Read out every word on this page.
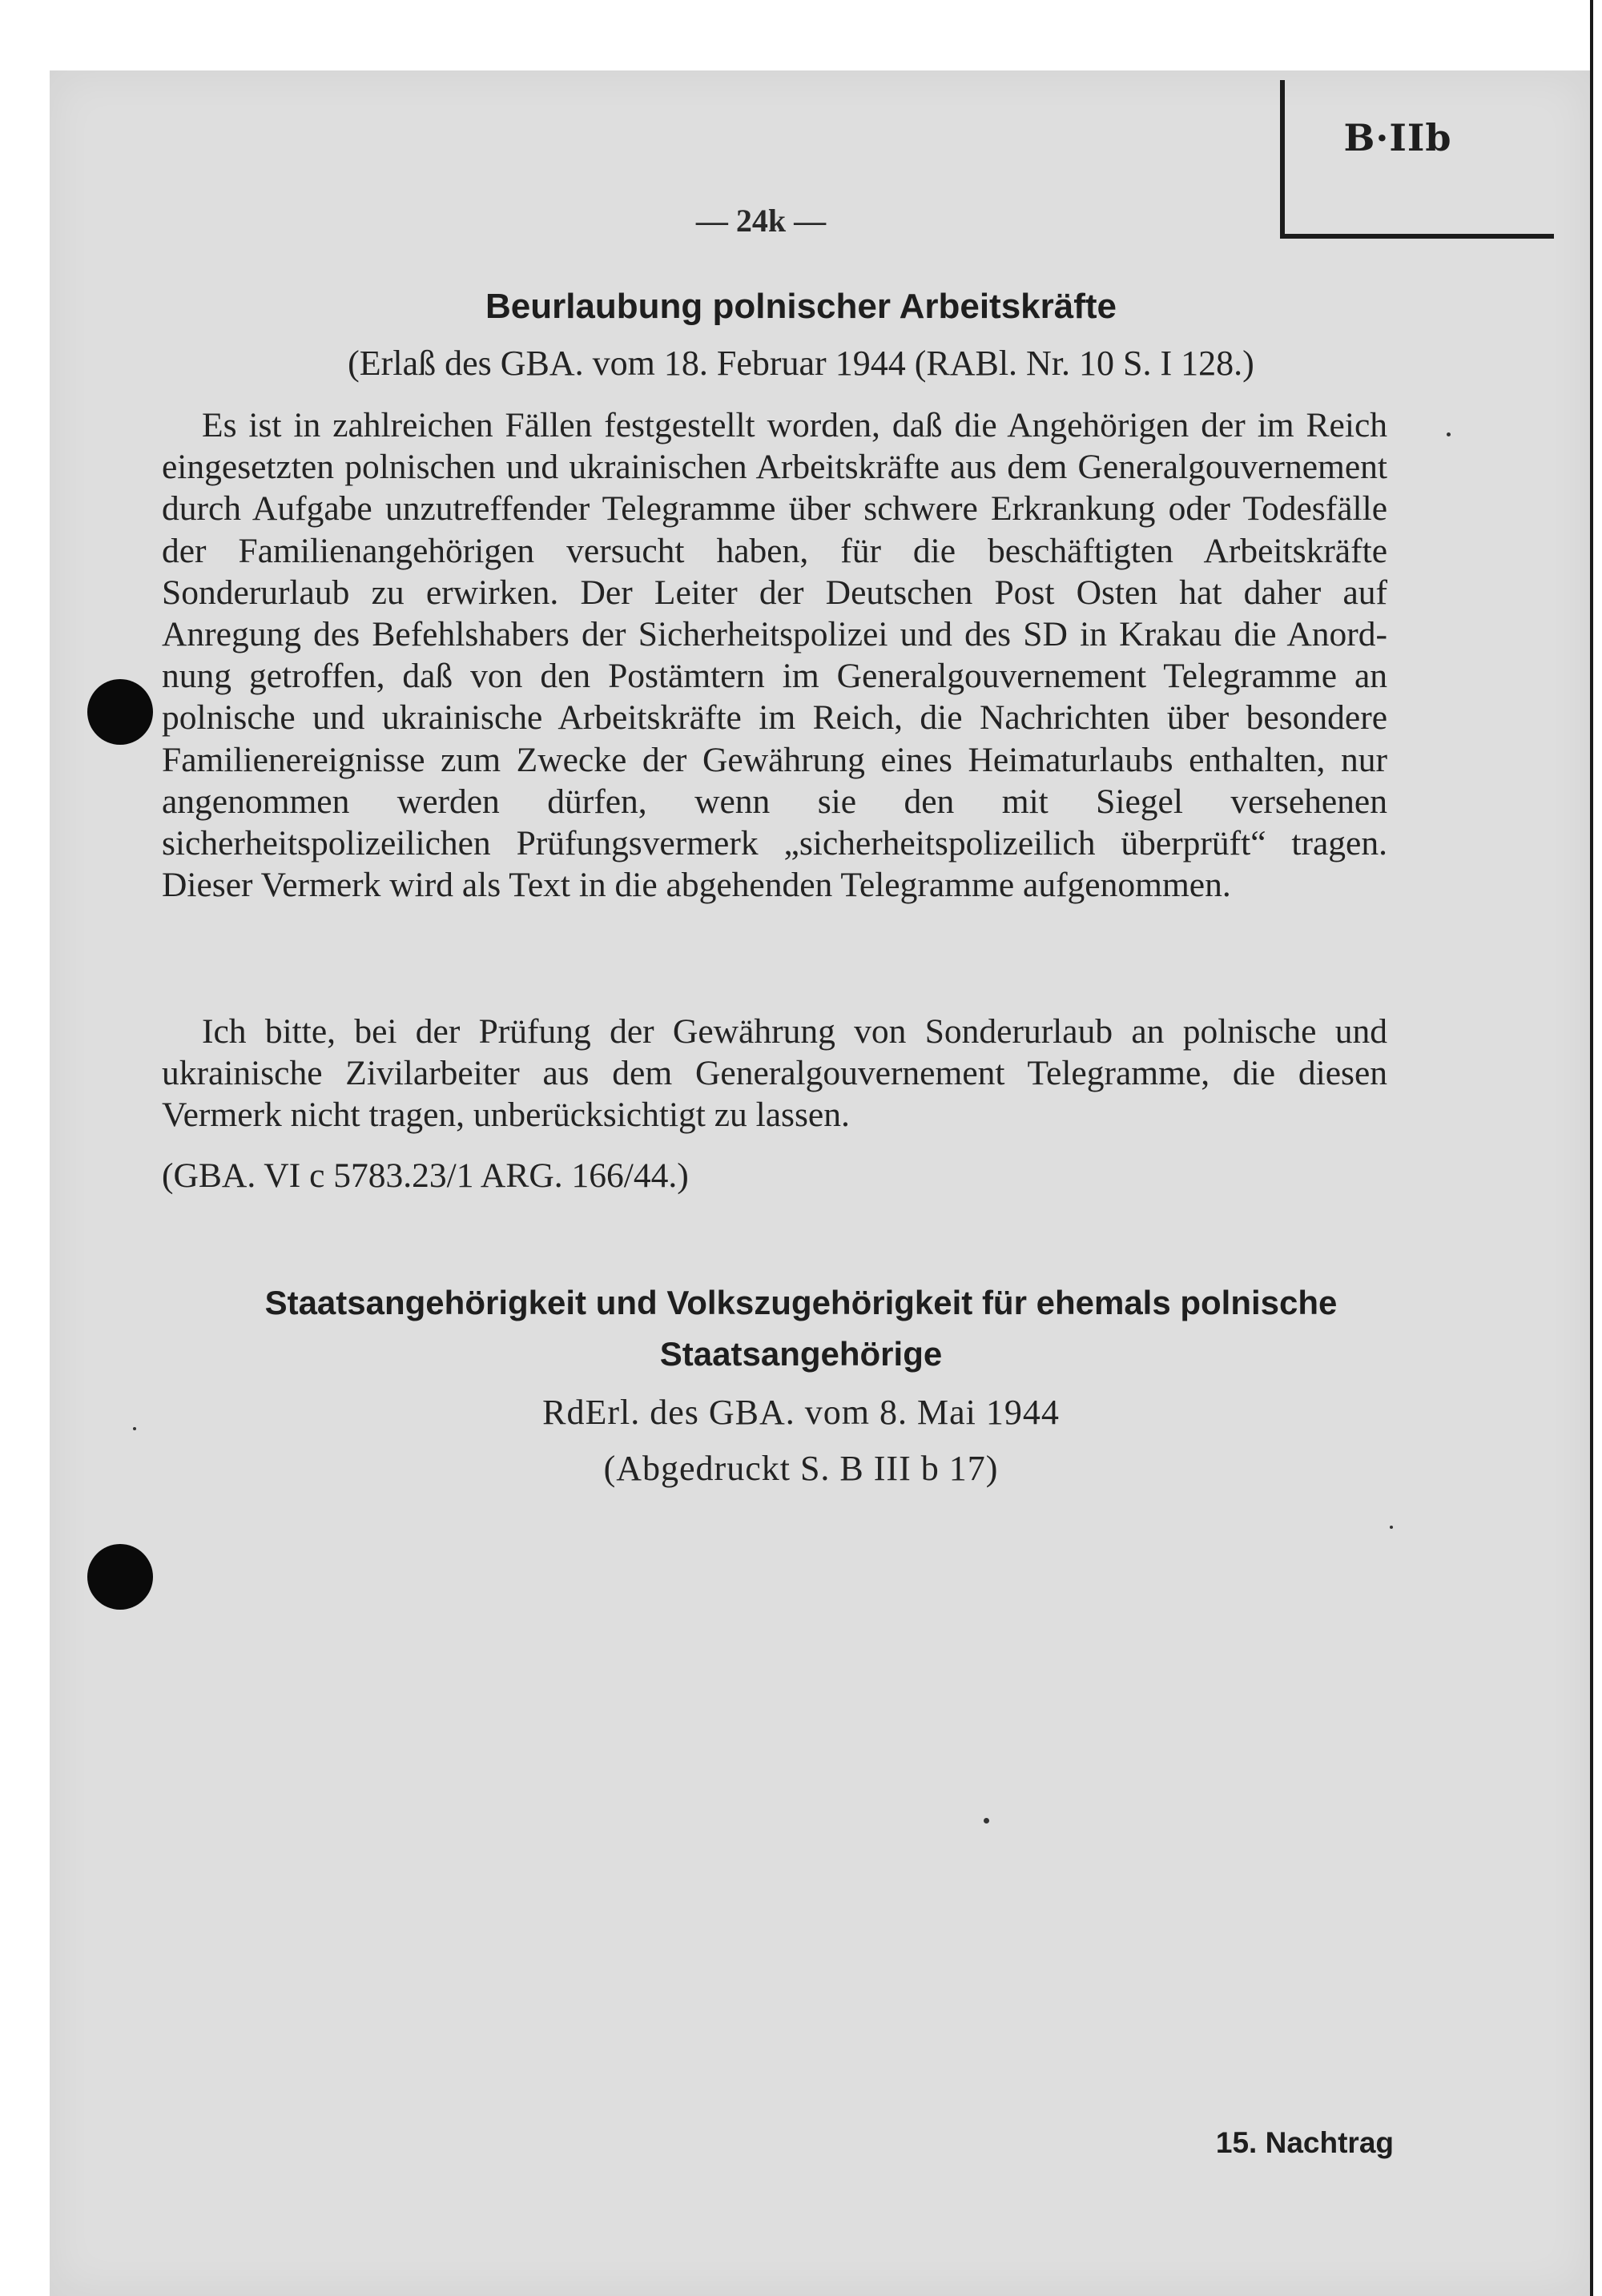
B·IIb
— 24k —
Beurlaubung polnischer Arbeitskräfte
(Erlaß des GBA. vom 18. Februar 1944 (RABl. Nr. 10 S. I 128.)
Es ist in zahlreichen Fällen festgestellt worden, daß die Angehörigen der im Reich eingesetzten polnischen und ukrainischen Arbeitskräfte aus dem Generalgouvernement durch Aufgabe unzutreffender Telegramme über schwere Erkrankung oder Todesfälle der Familienangehörigen versucht haben, für die beschäftigten Arbeitskräfte Sonderurlaub zu erwirken. Der Leiter der Deutschen Post Osten hat daher auf Anregung des Befehlshabers der Sicherheitspolizei und des SD in Krakau die Anordnung getroffen, daß von den Postämtern im Generalgouvernement Telegramme an polnische und ukrainische Arbeitskräfte im Reich, die Nachrichten über besondere Familienereignisse zum Zwecke der Gewährung eines Heimaturlaubs enthalten, nur angenommen werden dürfen, wenn sie den mit Siegel versehenen sicherheitspolizeilichen Prüfungsvermerk „sicherheitspolizeilich überprüft“ tragen. Dieser Vermerk wird als Text in die abgehenden Telegramme aufgenommen.
Ich bitte, bei der Prüfung der Gewährung von Sonderurlaub an polnische und ukrainische Zivilarbeiter aus dem Generalgouvernement Telegramme, die diesen Vermerk nicht tragen, unberücksichtigt zu lassen.
(GBA. VI c 5783.23/1 ARG. 166/44.)
Staatsangehörigkeit und Volkszugehörigkeit für ehemals polnische Staatsangehörige
RdErl. des GBA. vom 8. Mai 1944
(Abgedruckt S. B III b 17)
15. Nachtrag
